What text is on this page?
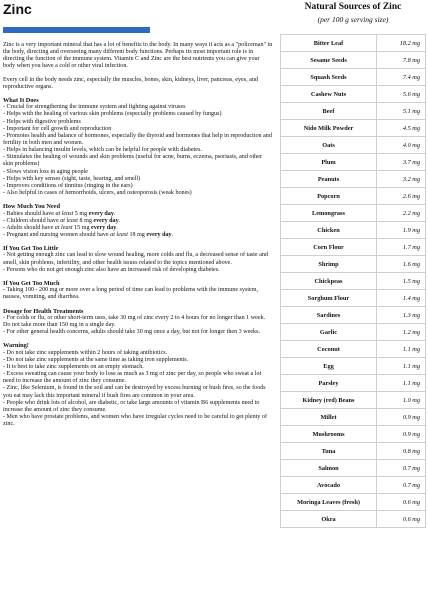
Zinc

Zinc is a very important mineral that has a lot of benefits to the body. In many ways it acts as a "policeman" in the body, directing and overseeing many different body functions. Perhaps its most important role is in directing the function of the immune system. Vitamin C and Zinc are the best nutrients you can give your body when you have a cold or other viral infection.

Every cell in the body needs zinc, especially the muscles, bones, skin, kidneys, liver, pancreas, eyes, and reproductive organs.

What It Does

- Crucial for strengthening the immune system and fighting against viruses

- Helps with the healing of various skin problems (especially problems caused by fungus)

- Helps with digestive problems

- Important for cell growth and reproduction

- Promotes health and balance of hormones, especially the thyroid and hormones that help in reproduction and fertility in both men and women.

- Helps in balancing insulin levels, which can be helpful for people with diabetes.

- Stimulates the healing of wounds and skin problems (useful for acne, burns, eczema, psoriasis, and other skin problems)

- Slows vision loss in aging people

- Helps with key senses (sight, taste, hearing, and smell)

- Improves conditions of tinnitus (ringing in the ears)

- Also helpful in cases of hemorrhoids, ulcers, and osteoporosis (weak bones)

How Much You Need

- Babies should have at least 5 mg every day.

- Children should have at least 8 mg every day.

- Adults should have at least 15 mg every day.

- Pregnant and nursing women should have at least 18 mg every day.

If You Get Too Little

- Not getting enough zinc can lead to slow wound healing, more colds and flu, a decreased sense of taste and smell, skin problems, infertility, and other health issues related to the topics mentioned above.

- Persons who do not get enough zinc also have an increased risk of developing diabetes.

If You Get Too Much

- Taking 100 - 200 mg or more over a long period of time can lead to problems with the immune system, nausea, vomiting, and diarrhea.

Dosage for Health Treatments

- For colds or flu, or other short-term uses, take 30 mg of zinc every 2 to 4 hours for no longer than 1 week. Do not take more than 150 mg in a single day.

- For other general health concerns, adults should take 30 mg once a day, but not for longer then 3 weeks.

Warning!

- Do not take zinc supplements within 2 hours of taking antibiotics.

- Do not take zinc supplements at the same time as taking iron supplements.

- It is best to take zinc supplements on an empty stomach.

- Excess sweating can cause your body to lose as much as 3 mg of zinc per day, so people who sweat a lot need to increase the amount of zinc they consume.

- Zinc, like Selenium, is found in the soil and can be destroyed by excess burning or bush fires, so the foods you eat may lack this important mineral if bush fires are common in your area.

- People who drink lots of alcohol, are diabetic, or take large amounts of vitamin B6 supplements need to increase the amount of zinc they consume.

- Men who have prostate problems, and women who have irregular cycles need to be careful to get plenty of zinc.

Natural Sources of Zinc

(per 100 g serving size)

Bitter Leaf	18.2 mg
Sesame Seeds	7.8 mg
Squash Seeds	7.4 mg
Cashew Nuts	5.6 mg
Beef	5.1 mg
Nido Milk Powder	4.5 mg
Oats	4.0 mg
Plum	3.7 mg
Peanuts	3.2 mg
Popcorn	2.6 mg
Lemongrass	2.2 mg
Chicken	1.9 mg
Corn Flour	1.7 mg
Shrimp	1.6 mg
Chickpeas	1.5 mg
Sorghum Flour	1.4 mg
Sardines	1.3 mg
Garlic	1.2 mg
Coconut	1.1 mg
Egg	1.1 mg
Parsley	1.1 mg
Kidney (red) Beans	1.0 mg
Millet	0.9 mg
Mushrooms	0.9 mg
Tuna	0.8 mg
Salmon	0.7 mg
Avocado	0.7 mg
Moringa Leaves (fresh)	0.6 mg
Okra	0.6 mg
